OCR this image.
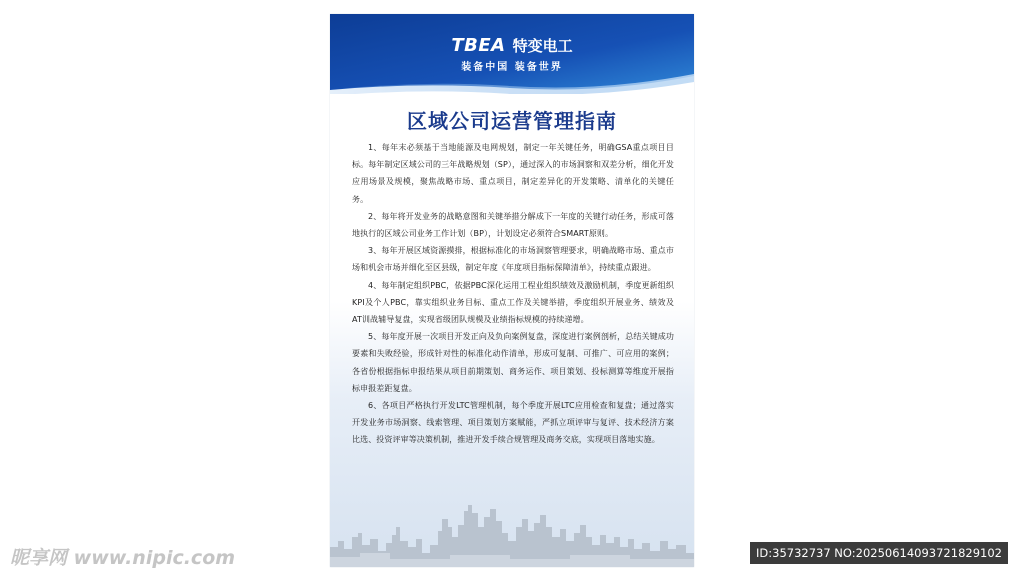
TBEA 特变电工
装备中国 装备世界
区域公司运营管理指南

1、每年末必须基于当地能源及电网规划，制定一年关键任务，明确GSA重点项目目标。每年制定区域公司的三年战略规划（SP），通过深入的市场洞察和双差分析，细化开发应用场景及规模，聚焦战略市场、重点项目，制定差异化的开发策略、清单化的关键任务。

2、每年将开发业务的战略意图和关键举措分解成下一年度的关键行动任务，形成可落地执行的区域公司业务工作计划（BP），计划设定必须符合SMART原则。

3、每年开展区域资源摸排，根据标准化的市场洞察管理要求，明确战略市场、重点市场和机会市场并细化至区县级，制定年度《年度项目指标保障清单》，持续重点跟进。

4、每年制定组织PBC，依据PBC深化运用工程业组织绩效及激励机制，季度更新组织KPI及个人PBC，靠实组织业务目标、重点工作及关键举措，季度组织开展业务、绩效及AT训战辅导复盘，实现省级团队规模及业绩指标规模的持续递增。

5、每年度开展一次项目开发正向及负向案例复盘，深度进行案例剖析，总结关键成功要素和失败经验，形成针对性的标准化动作清单，形成可复制、可推广、可应用的案例；各省份根据指标申报结果从项目前期策划、商务运作、项目策划、投标测算等维度开展指标申报差距复盘。

6、各项目严格执行开发LTC管理机制，每个季度开展LTC应用检查和复盘；通过落实开发业务市场洞察、线索管理、项目策划方案赋能，严抓立项评审与复评、技术经济方案比选、投资评审等决策机制，推进开发手续合规管理及商务交底，实现项目落地实施。

昵享网 www.nipic.com	ID:35732737 NO:20250614093721829102
